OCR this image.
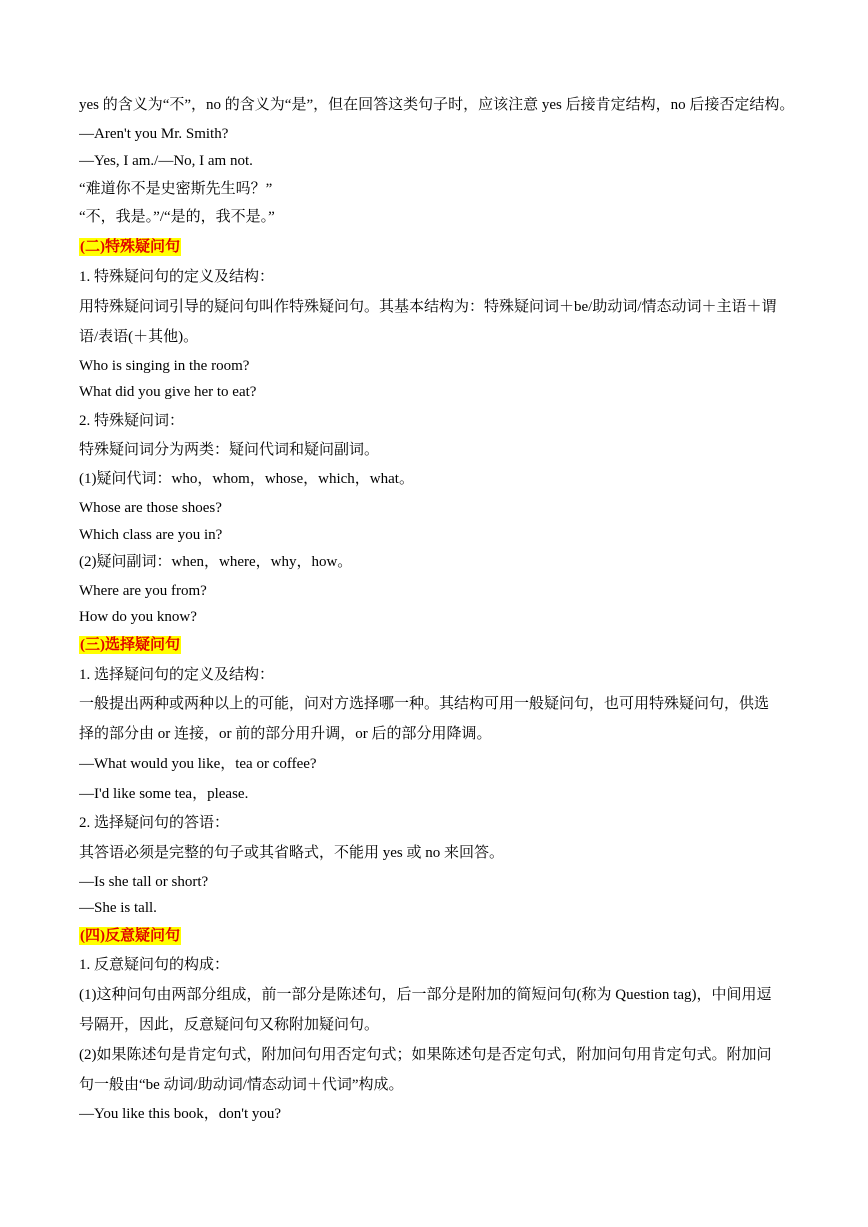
yes 的含义为“不”，no 的含义为“是”，但在回答这类句子时，应该注意 yes 后接肯定结构，no 后接否定结构。
—Aren't you Mr. Smith?
—Yes, I am./—No, I am not.
“难道你不是史密斯先生吗？”
“不，我是。”/“是的，我不是。”
(二)特殊疑问句
1. 特殊疑问句的定义及结构：
用特殊疑问词引导的疑问句叫作特殊疑问句。其基本结构为：特殊疑问词＋be/助动词/情态动词＋主语＋谓
语/表语(＋其他)。
Who is singing in the room?
What did you give her to eat?
2. 特殊疑问词：
特殊疑问词分为两类：疑问代词和疑问副词。
(1)疑问代词：who，whom，whose，which，what。
Whose are those shoes?
Which class are you in?
(2)疑问副词：when，where，why，how。
Where are you from?
How do you know?
(三)选择疑问句
1. 选择疑问句的定义及结构：
一般提出两种或两种以上的可能，问对方选择哪一种。其结构可用一般疑问句，也可用特殊疑问句，供选
择的部分由 or 连接，or 前的部分用升调，or 后的部分用降调。
—What would you like，tea or coffee?
—I'd like some tea，please.
2. 选择疑问句的答语：
其答语必须是完整的句子或其省略式，不能用 yes 或 no 来回答。
—Is she tall or short?
—She is tall.
(四)反意疑问句
1. 反意疑问句的构成：
(1)这种问句由两部分组成，前一部分是陈述句，后一部分是附加的简短问句(称为 Question tag)，中间用逗
号隔开，因此，反意疑问句又称附加疑问句。
(2)如果陈述句是肯定句式，附加问句用否定句式；如果陈述句是否定句式，附加问句用肯定句式。附加问
句一般由“be 动词/助动词/情态动词＋代词”构成。
—You like this book，don't you?
